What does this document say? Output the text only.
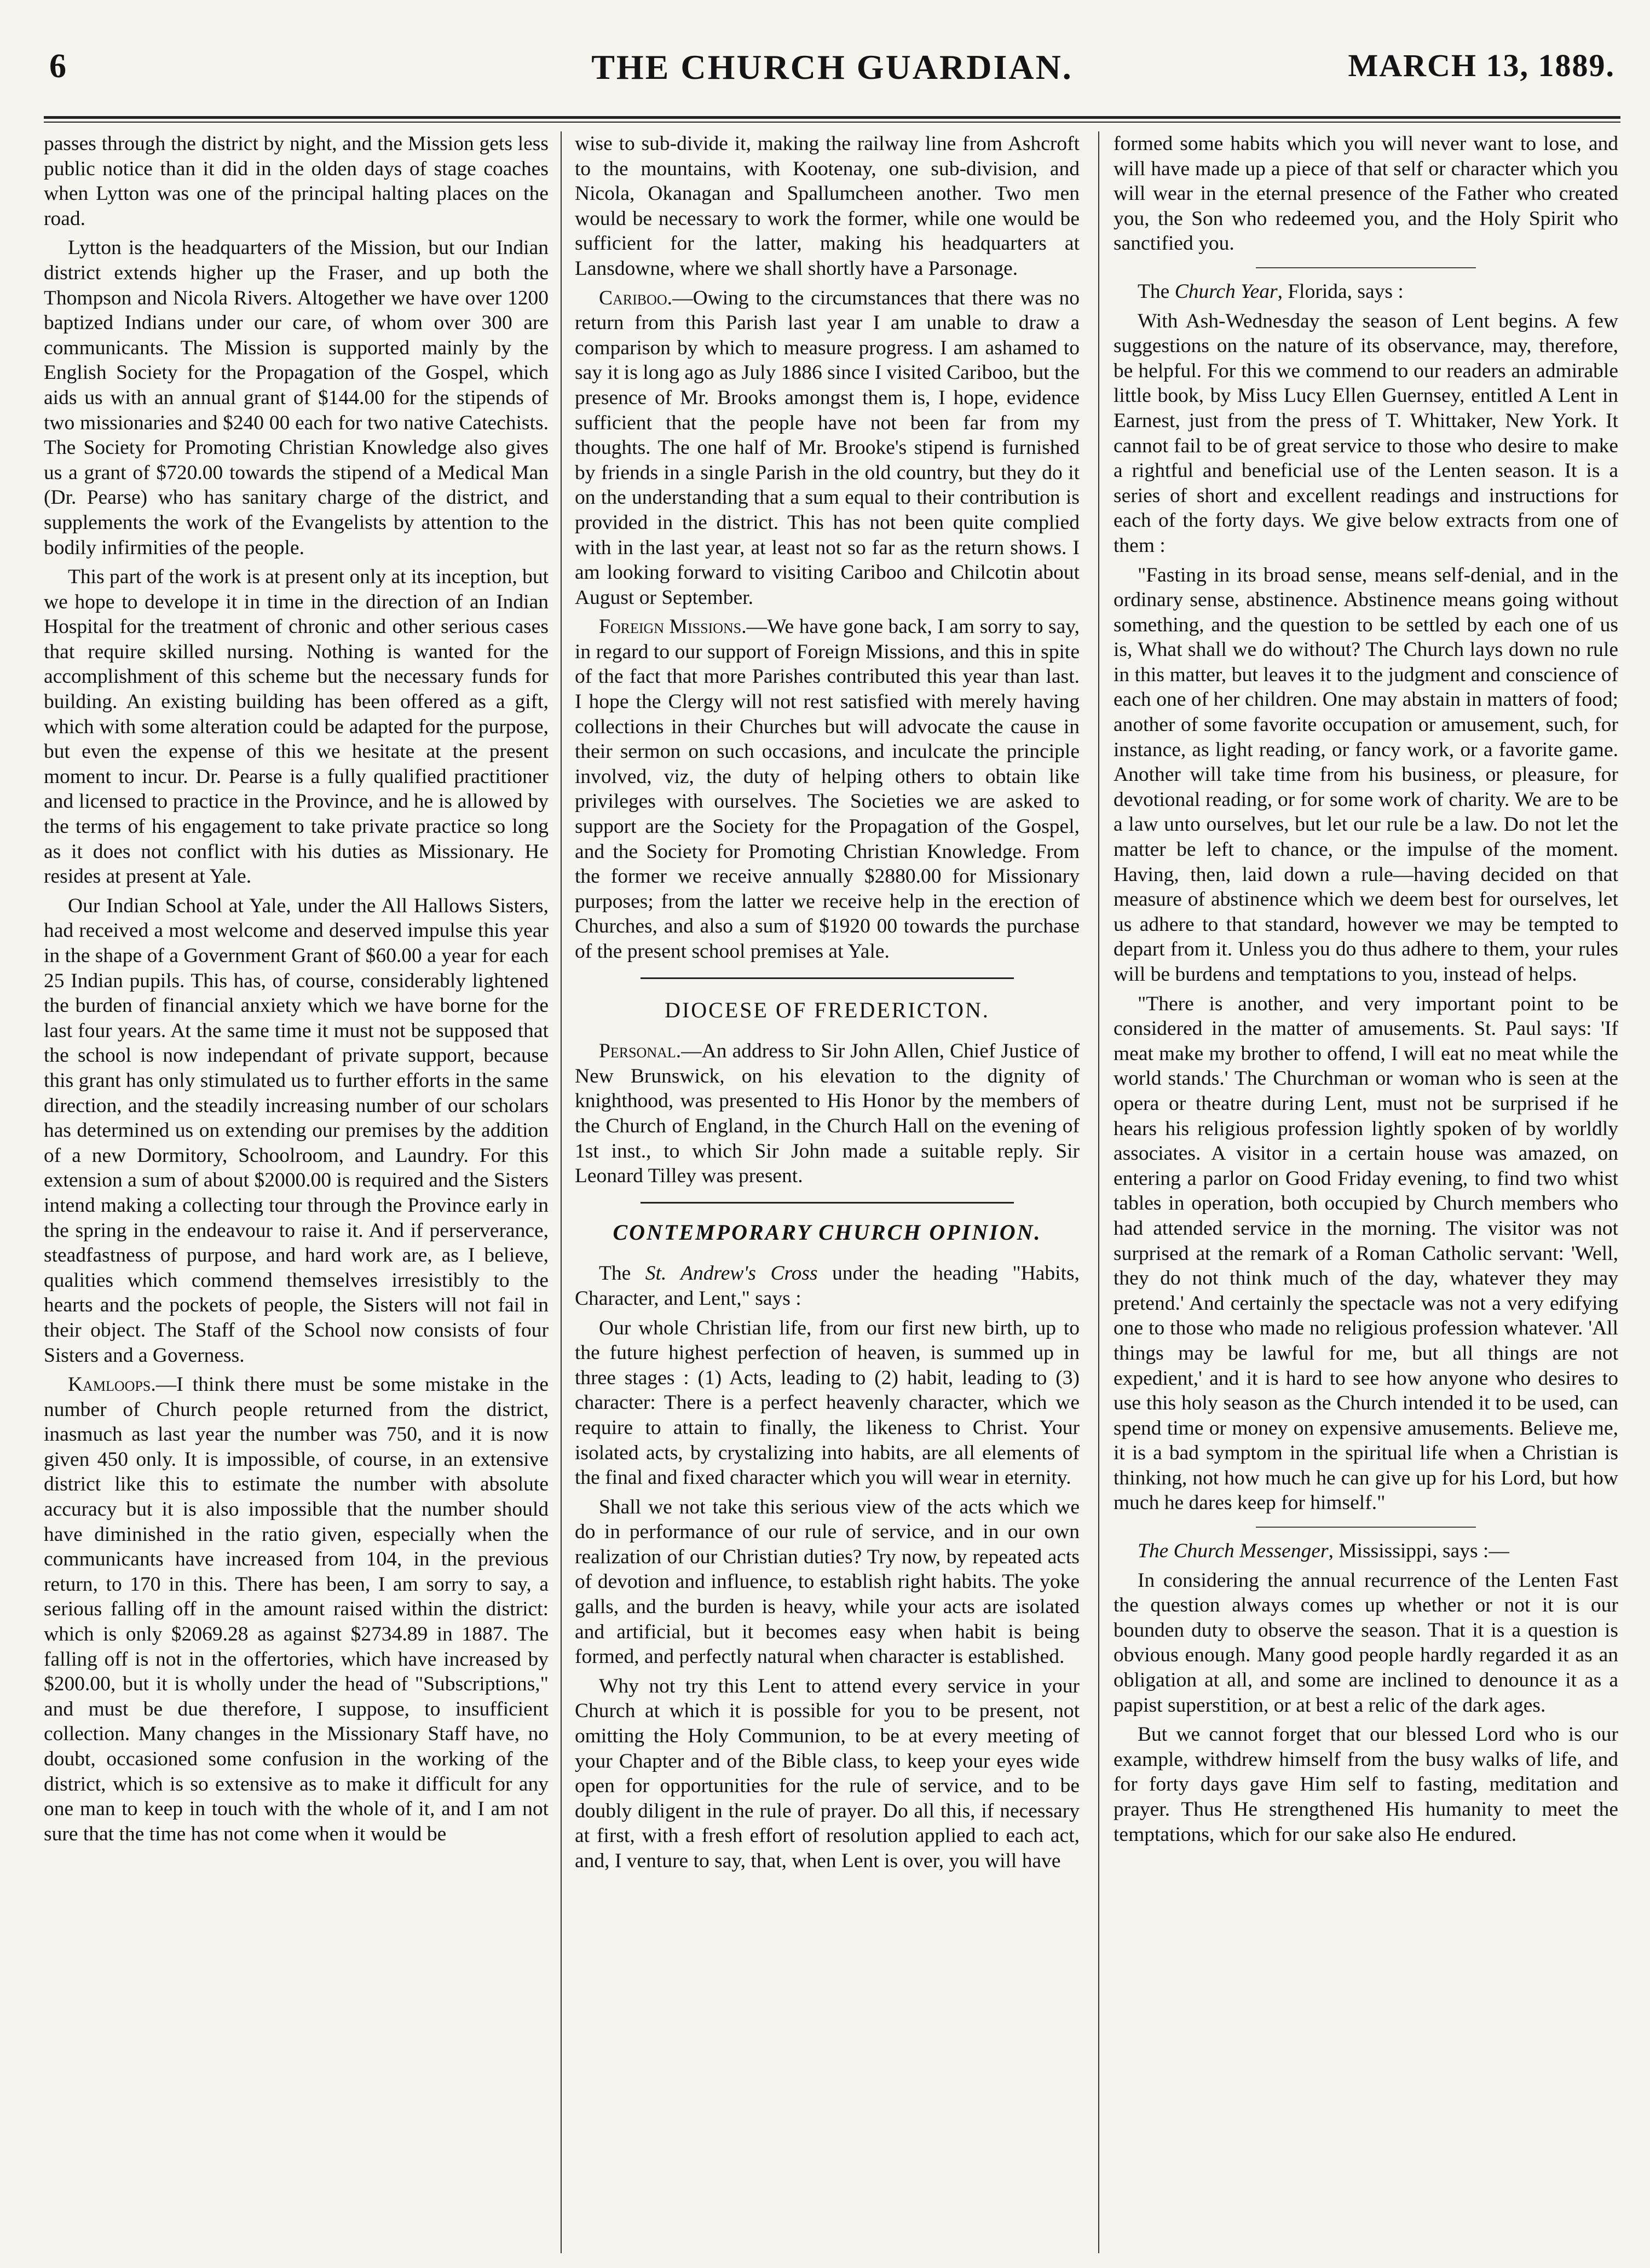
6	THE CHURCH GUARDIAN.	MARCH 13, 1889.

passes through the district by night, and the Mission gets less public notice than it did in the olden days of stage coaches when Lytton was one of the principal halting places on the road.

Lytton is the headquarters of the Mission, but our Indian district extends higher up the Fraser, and up both the Thompson and Nicola Rivers. Altogether we have over 1200 baptized Indians under our care, of whom over 300 are communicants. The Mission is supported mainly by the English Society for the Propagation of the Gospel, which aids us with an annual grant of $144.00 for the stipends of two missionaries and $240 00 each for two native Catechists. The Society for Promoting Christian Knowledge also gives us a grant of $720.00 towards the stipend of a Medical Man (Dr. Pearse) who has sanitary charge of the district, and supplements the work of the Evangelists by attention to the bodily infirmities of the people.

This part of the work is at present only at its inception, but we hope to develope it in time in the direction of an Indian Hospital for the treatment of chronic and other serious cases that require skilled nursing. Nothing is wanted for the accomplishment of this scheme but the necessary funds for building. An existing building has been offered as a gift, which with some alteration could be adapted for the purpose, but even the expense of this we hesitate at the present moment to incur. Dr. Pearse is a fully qualified practitioner and licensed to practice in the Province, and he is allowed by the terms of his engagement to take private practice so long as it does not conflict with his duties as Missionary. He resides at present at Yale.

Our Indian School at Yale, under the All Hallows Sisters, had received a most welcome and deserved impulse this year in the shape of a Government Grant of $60.00 a year for each 25 Indian pupils. This has, of course, considerably lightened the burden of financial anxiety which we have borne for the last four years. At the same time it must not be supposed that the school is now independant of private support, because this grant has only stimulated us to further efforts in the same direction, and the steadily increasing number of our scholars has determined us on extending our premises by the addition of a new Dormitory, Schoolroom, and Laundry. For this extension a sum of about $2000.00 is required and the Sisters intend making a collecting tour through the Province early in the spring in the endeavour to raise it. And if perserverance, steadfastness of purpose, and hard work are, as I believe, qualities which commend themselves irresistibly to the hearts and the pockets of people, the Sisters will not fail in their object. The Staff of the School now consists of four Sisters and a Governess.

Kamloops.—I think there must be some mistake in the number of Church people returned from the district, inasmuch as last year the number was 750, and it is now given 450 only. It is impossible, of course, in an extensive district like this to estimate the number with absolute accuracy but it is also impossible that the number should have diminished in the ratio given, especially when the communicants have increased from 104, in the previous return, to 170 in this. There has been, I am sorry to say, a serious falling off in the amount raised within the district: which is only $2069.28 as against $2734.89 in 1887. The falling off is not in the offertories, which have increased by $200.00, but it is wholly under the head of "Subscriptions," and must be due therefore, I suppose, to insufficient collection. Many changes in the Missionary Staff have, no doubt, occasioned some confusion in the working of the district, which is so extensive as to make it difficult for any one man to keep in touch with the whole of it, and I am not sure that the time has not come when it would be

wise to sub-divide it, making the railway line from Ashcroft to the mountains, with Kootenay, one sub-division, and Nicola, Okanagan and Spallumcheen another. Two men would be necessary to work the former, while one would be sufficient for the latter, making his headquarters at Lansdowne, where we shall shortly have a Parsonage.

Cariboo.—Owing to the circumstances that there was no return from this Parish last year I am unable to draw a comparison by which to measure progress. I am ashamed to say it is long ago as July 1886 since I visited Cariboo, but the presence of Mr. Brooks amongst them is, I hope, evidence sufficient that the people have not been far from my thoughts. The one half of Mr. Brooke's stipend is furnished by friends in a single Parish in the old country, but they do it on the understanding that a sum equal to their contribution is provided in the district. This has not been quite complied with in the last year, at least not so far as the return shows. I am looking forward to visiting Cariboo and Chilcotin about August or September.

Foreign Missions.—We have gone back, I am sorry to say, in regard to our support of Foreign Missions, and this in spite of the fact that more Parishes contributed this year than last. I hope the Clergy will not rest satisfied with merely having collections in their Churches but will advocate the cause in their sermon on such occasions, and inculcate the principle involved, viz, the duty of helping others to obtain like privileges with ourselves. The Societies we are asked to support are the Society for the Propagation of the Gospel, and the Society for Promoting Christian Knowledge. From the former we receive annually $2880.00 for Missionary purposes; from the latter we receive help in the erection of Churches, and also a sum of $1920 00 towards the purchase of the present school premises at Yale.

DIOCESE OF FREDERICTON.

Personal.—An address to Sir John Allen, Chief Justice of New Brunswick, on his elevation to the dignity of knighthood, was presented to His Honor by the members of the Church of England, in the Church Hall on the evening of 1st inst., to which Sir John made a suitable reply. Sir Leonard Tilley was present.

CONTEMPORARY CHURCH OPINION.

The St. Andrew's Cross under the heading "Habits, Character, and Lent," says :

Our whole Christian life, from our first new birth, up to the future highest perfection of heaven, is summed up in three stages : (1) Acts, leading to (2) habit, leading to (3) character: There is a perfect heavenly character, which we require to attain to finally, the likeness to Christ. Your isolated acts, by crystalizing into habits, are all elements of the final and fixed character which you will wear in eternity.

Shall we not take this serious view of the acts which we do in performance of our rule of service, and in our own realization of our Christian duties? Try now, by repeated acts of devotion and influence, to establish right habits. The yoke galls, and the burden is heavy, while your acts are isolated and artificial, but it becomes easy when habit is being formed, and perfectly natural when character is established.

Why not try this Lent to attend every service in your Church at which it is possible for you to be present, not omitting the Holy Communion, to be at every meeting of your Chapter and of the Bible class, to keep your eyes wide open for opportunities for the rule of service, and to be doubly diligent in the rule of prayer. Do all this, if necessary at first, with a fresh effort of resolution applied to each act, and, I venture to say, that, when Lent is over, you will have

formed some habits which you will never want to lose, and will have made up a piece of that self or character which you will wear in the eternal presence of the Father who created you, the Son who redeemed you, and the Holy Spirit who sanctified you.

The Church Year, Florida, says :

With Ash-Wednesday the season of Lent begins. A few suggestions on the nature of its observance, may, therefore, be helpful. For this we commend to our readers an admirable little book, by Miss Lucy Ellen Guernsey, entitled A Lent in Earnest, just from the press of T. Whittaker, New York. It cannot fail to be of great service to those who desire to make a rightful and beneficial use of the Lenten season. It is a series of short and excellent readings and instructions for each of the forty days. We give below extracts from one of them :

"Fasting in its broad sense, means self-denial, and in the ordinary sense, abstinence. Abstinence means going without something, and the question to be settled by each one of us is, What shall we do without? The Church lays down no rule in this matter, but leaves it to the judgment and conscience of each one of her children. One may abstain in matters of food; another of some favorite occupation or amusement, such, for instance, as light reading, or fancy work, or a favorite game. Another will take time from his business, or pleasure, for devotional reading, or for some work of charity. We are to be a law unto ourselves, but let our rule be a law. Do not let the matter be left to chance, or the impulse of the moment. Having, then, laid down a rule—having decided on that measure of abstinence which we deem best for ourselves, let us adhere to that standard, however we may be tempted to depart from it. Unless you do thus adhere to them, your rules will be burdens and temptations to you, instead of helps.

"There is another, and very important point to be considered in the matter of amusements. St. Paul says: 'If meat make my brother to offend, I will eat no meat while the world stands.' The Churchman or woman who is seen at the opera or theatre during Lent, must not be surprised if he hears his religious profession lightly spoken of by worldly associates. A visitor in a certain house was amazed, on entering a parlor on Good Friday evening, to find two whist tables in operation, both occupied by Church members who had attended service in the morning. The visitor was not surprised at the remark of a Roman Catholic servant: 'Well, they do not think much of the day, whatever they may pretend.' And certainly the spectacle was not a very edifying one to those who made no religious profession whatever. 'All things may be lawful for me, but all things are not expedient,' and it is hard to see how anyone who desires to use this holy season as the Church intended it to be used, can spend time or money on expensive amusements. Believe me, it is a bad symptom in the spiritual life when a Christian is thinking, not how much he can give up for his Lord, but how much he dares keep for himself."

The Church Messenger, Mississippi, says :—

In considering the annual recurrence of the Lenten Fast the question always comes up whether or not it is our bounden duty to observe the season. That it is a question is obvious enough. Many good people hardly regarded it as an obligation at all, and some are inclined to denounce it as a papist superstition, or at best a relic of the dark ages.

But we cannot forget that our blessed Lord who is our example, withdrew himself from the busy walks of life, and for forty days gave Him self to fasting, meditation and prayer. Thus He strengthened His humanity to meet the temptations, which for our sake also He endured.
